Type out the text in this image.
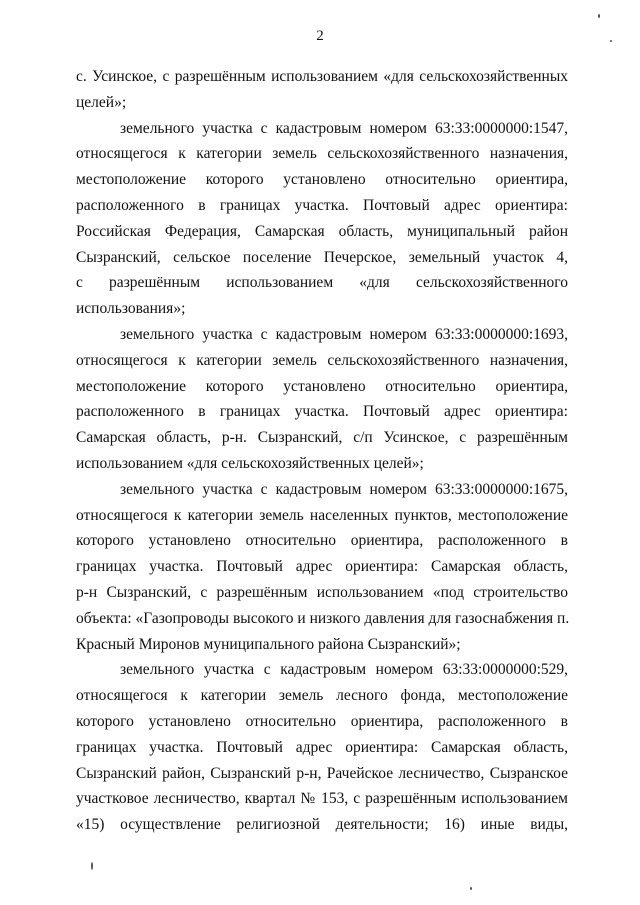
2
с. Усинское, с разрешённым использованием «для сельскохозяйственных
целей»;
земельного участка с кадастровым номером 63:33:0000000:1547,
относящегося к категории земель сельскохозяйственного назначения,
местоположение которого установлено относительно ориентира,
расположенного в границах участка. Почтовый адрес ориентира:
Российская Федерация, Самарская область, муниципальный район
Сызранский, сельское поселение Печерское, земельный участок 4,
с разрешённым использованием «для сельскохозяйственного
использования»;
земельного участка с кадастровым номером 63:33:0000000:1693,
относящегося к категории земель сельскохозяйственного назначения,
местоположение которого установлено относительно ориентира,
расположенного в границах участка. Почтовый адрес ориентира:
Самарская область, р-н. Сызранский, с/п Усинское, с разрешённым
использованием «для сельскохозяйственных целей»;
земельного участка с кадастровым номером 63:33:0000000:1675,
относящегося к категории земель населенных пунктов, местоположение
которого установлено относительно ориентира, расположенного в
границах участка. Почтовый адрес ориентира: Самарская область,
р-н Сызранский, с разрешённым использованием «под строительство
объекта: «Газопроводы высокого и низкого давления для газоснабжения п.
Красный Миронов муниципального района Сызранский»;
земельного участка с кадастровым номером 63:33:0000000:529,
относящегося к категории земель лесного фонда, местоположение
которого установлено относительно ориентира, расположенного в
границах участка. Почтовый адрес ориентира: Самарская область,
Сызранский район, Сызранский р-н, Рачейское лесничество, Сызранское
участковое лесничество, квартал № 153, с разрешённым использованием
«15) осуществление религиозной деятельности; 16) иные виды,
